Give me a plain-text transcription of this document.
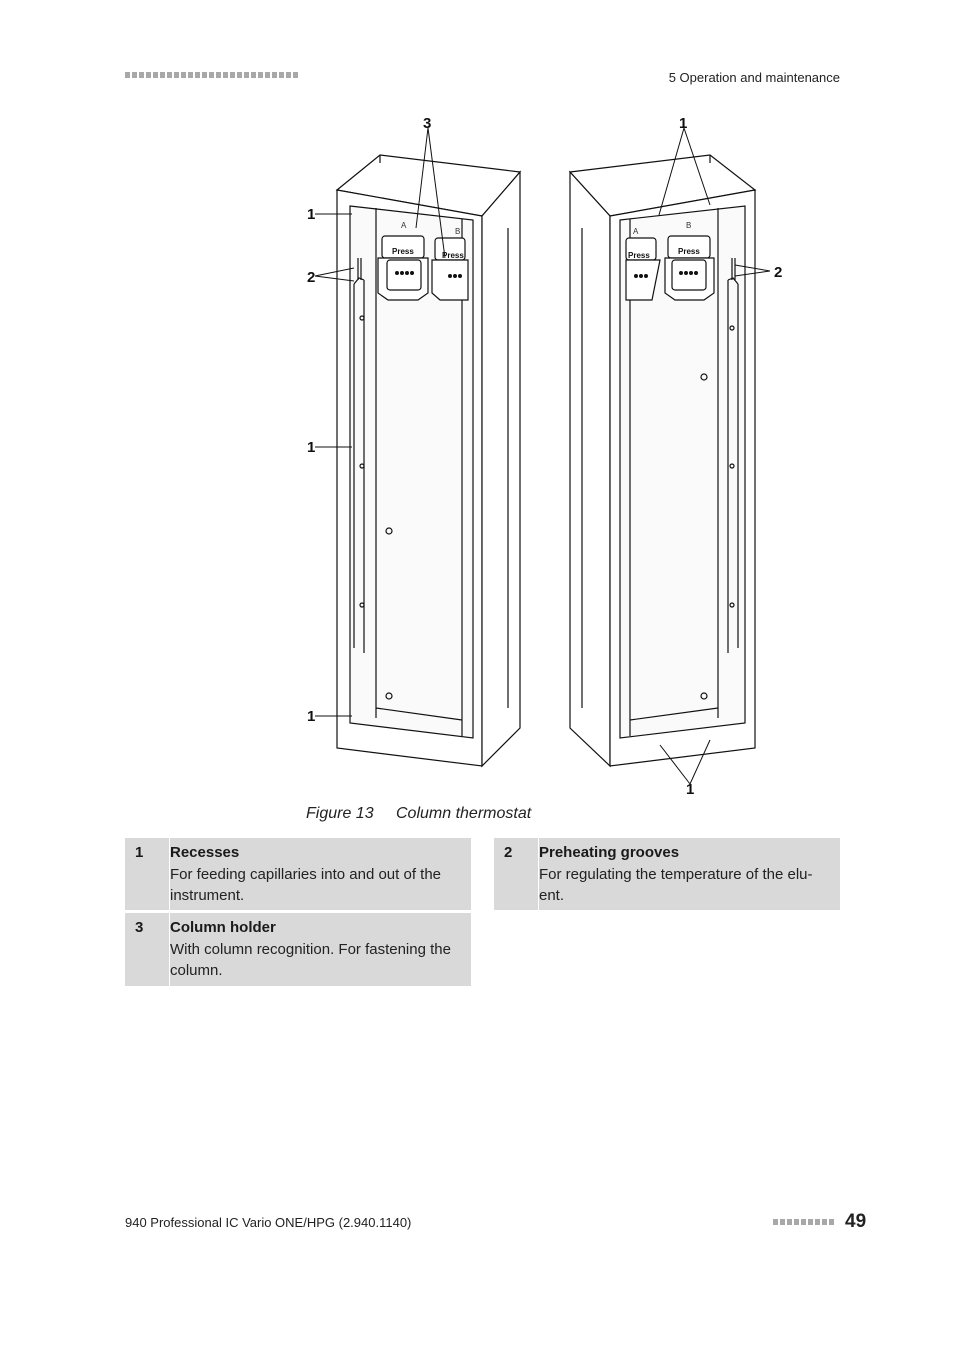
5 Operation and maintenance
3	1
1
2
1
1
2
1
Press	Press	Press
Press
A
B	A
B
Figure 13 Column thermostat
1	Recesses
For feeding capillaries into and out of the
instrument.
2	Preheating grooves
For regulating the temperature of the elu-
ent.
3	Column holder
With column recognition. For fastening the
column.
940 Professional IC Vario ONE/HPG (2.940.1140)	49
